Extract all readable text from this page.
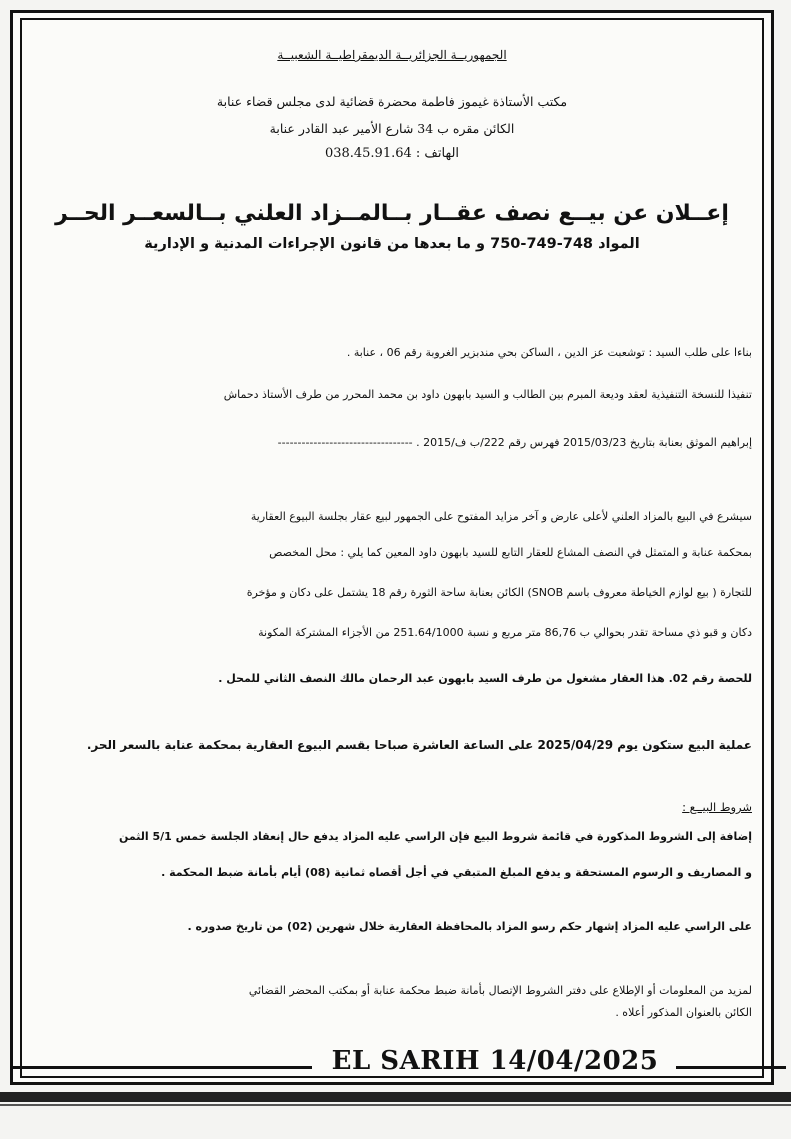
الجمهوريــة الجزائريــة الديمقراطيــة الشعبيــة
مكتب الأستاذة غيموز فاطمة محضرة قضائية لدى مجلس قضاء عنابة
الكائن مقره ب 34 شارع الأمير عبد القادر عنابة
الهاتف : 038.45.91.64
إعــلان عن بيــع نصف عقــار بــالمــزاد العلني بــالسعــر الحــر
المواد 748-749-750 و ما بعدها من قانون الإجراءات المدنية و الإدارية
بناءا على طلب السيد : توشعبت عز الدين ، الساكن بحي مندبزير الغروبة رقم 06 ، عنابة .
تنفيذا للنسخة التنفيذية لعقد وديعة المبرم بين الطالب و السيد بابهون داود بن محمد المحرر من طرف الأستاذ دحماش
إبراهيم الموثق بعنابة بتاريخ 2015/03/23 فهرس رقم 222/ب ف/2015 . ----------------------------------
سيشرع في البيع بالمزاد العلني لأعلى عارض و آخر مزايد المفتوح على الجمهور لبيع عقار بجلسة البيوع العقارية
بمحكمة عنابة و المتمثل في النصف المشاع للعقار التابع للسيد بابهون داود المعين كما يلي : محل المخصص
للتجارة ( بيع لوازم الخياطة معروف باسم SNOB) الكائن بعنابة ساحة الثورة رقم 18 يشتمل على دكان و مؤخرة
دكان و قبو ذي مساحة تقدر بحوالي ب 86,76 متر مربع و نسبة 251.64/1000 من الأجزاء المشتركة المكونة
للحصة رقم 02. هذا العقار مشغول من طرف السيد بابهون عبد الرحمان مالك النصف الثاني للمحل .
عملية البيع ستكون يوم 2025/04/29 على الساعة العاشرة صباحا بقسم البيوع العقارية بمحكمة عنابة بالسعر الحر.
شروط البيــع :
إضافة إلى الشروط المذكورة في قائمة شروط البيع فإن الراسي عليه المزاد يدفع حال إنعقاد الجلسة خمس 5/1 الثمن
و المصاريف و الرسوم المستحقة و يدفع المبلغ المتبقي في أجل أقصاه ثمانية (08) أيام بأمانة ضبط المحكمة .
على الراسي عليه المزاد إشهار حكم رسو المزاد بالمحافظة العقارية خلال شهرين (02) من تاريخ صدوره .
لمزيد من المعلومات أو الإطلاع على دفتر الشروط الإتصال بأمانة ضبط محكمة عنابة أو بمكتب المحضر القضائي
الكائن بالعنوان المذكور أعلاه .
EL SARIH 14/04/2025
